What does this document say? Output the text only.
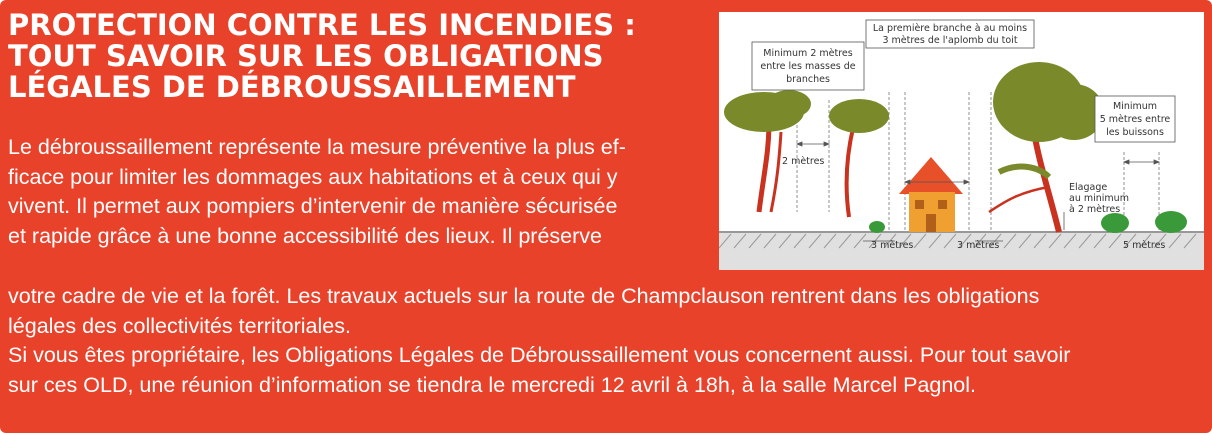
PROTECTION CONTRE LES INCENDIES :
TOUT SAVOIR SUR LES OBLIGATIONS
LÉGALES DE DÉBROUSSAILLEMENT
Le débroussaillement représente la mesure préventive la plus ef-
ficace pour limiter les dommages aux habitations et à ceux qui y
vivent. Il permet aux pompiers d’intervenir de manière sécurisée
et rapide grâce à une bonne accessibilité des lieux. Il préserve
votre cadre de vie et la forêt. Les travaux actuels sur la route de Champclauson rentrent dans les obligations
légales des collectivités territoriales.
Si vous êtes propriétaire, les Obligations Légales de Débroussaillement vous concernent aussi. Pour tout savoir
sur ces OLD, une réunion d’information se tiendra le mercredi 12 avril à 18h, à la salle Marcel Pagnol.
Minimum 2 mètres
entre les masses de
branches
La première branche à au moins
3 mètres de l'aplomb du toit
Minimum
5 mètres entre
les buissons
2 mètres
Elagage
au minimum
à 2 mètres
3 mètres	3 mètres	5 mètres
